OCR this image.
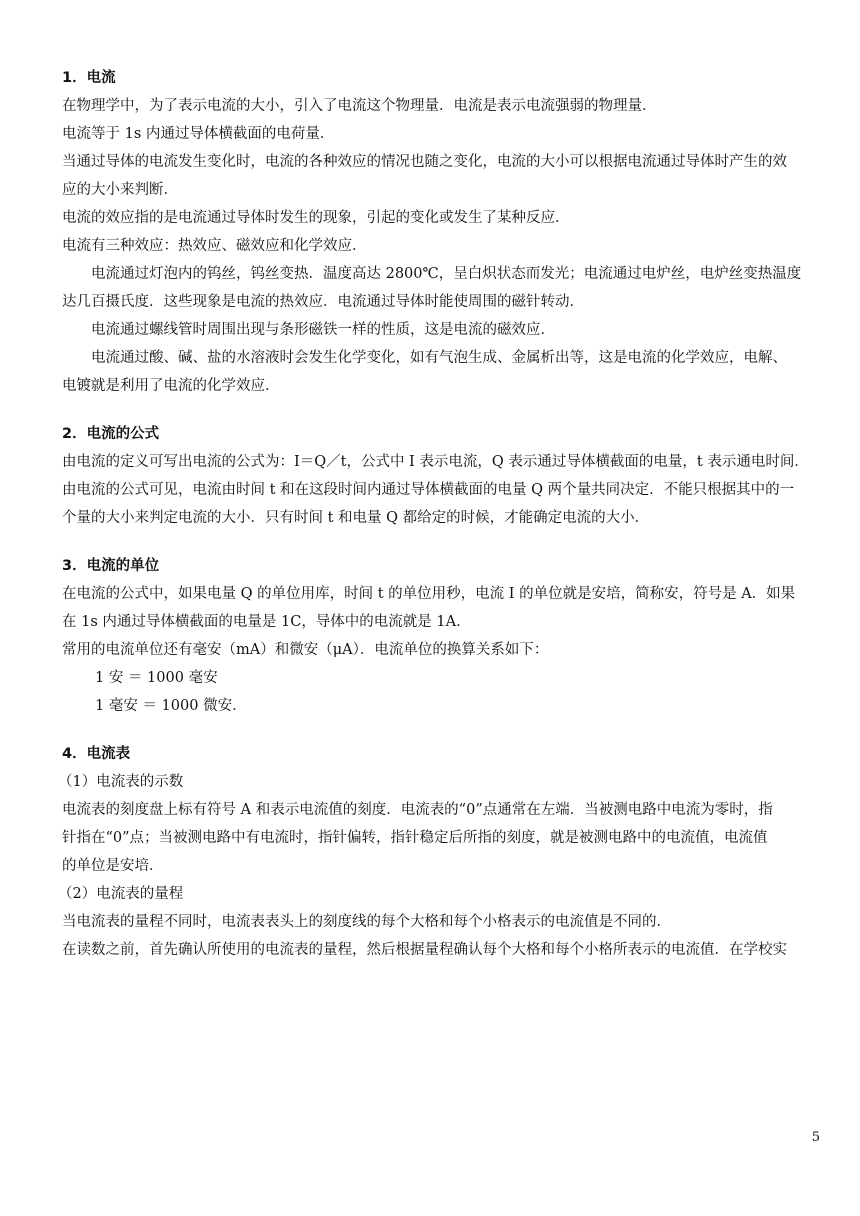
1．电流
在物理学中，为了表示电流的大小，引入了电流这个物理量．电流是表示电流强弱的物理量．
电流等于 1s 内通过导体横截面的电荷量．
当通过导体的电流发生变化时，电流的各种效应的情况也随之变化，电流的大小可以根据电流通过导体时产生的效
应的大小来判断．
电流的效应指的是电流通过导体时发生的现象，引起的变化或发生了某种反应．
电流有三种效应：热效应、磁效应和化学效应．
电流通过灯泡内的钨丝，钨丝变热．温度高达 2800℃，呈白炽状态而发光；电流通过电炉丝，电炉丝变热温度
达几百摄氏度．这些现象是电流的热效应．电流通过导体时能使周围的磁针转动．
电流通过螺线管时周围出现与条形磁铁一样的性质，这是电流的磁效应．
电流通过酸、碱、盐的水溶液时会发生化学变化，如有气泡生成、金属析出等，这是电流的化学效应，电解、
电镀就是利用了电流的化学效应．
2．电流的公式
由电流的定义可写出电流的公式为：I＝Q／t，公式中 I 表示电流，Q 表示通过导体横截面的电量，t 表示通电时间．
由电流的公式可见，电流由时间 t 和在这段时间内通过导体横截面的电量 Q 两个量共同决定．不能只根据其中的一
个量的大小来判定电流的大小．只有时间 t 和电量 Q 都给定的时候，才能确定电流的大小．
3．电流的单位
在电流的公式中，如果电量 Q 的单位用库，时间 t 的单位用秒，电流 I 的单位就是安培，简称安，符号是 A．如果
在 1s 内通过导体横截面的电量是 1C，导体中的电流就是 1A．
常用的电流单位还有毫安（mA）和微安（μA）．电流单位的换算关系如下：
1 安 ＝ 1000 毫安
1 毫安 ＝ 1000 微安．
4．电流表
（1）电流表的示数
电流表的刻度盘上标有符号 A 和表示电流值的刻度．电流表的“0”点通常在左端．当被测电路中电流为零时，指
针指在“0”点；当被测电路中有电流时，指针偏转，指针稳定后所指的刻度，就是被测电路中的电流值，电流值
的单位是安培．
（2）电流表的量程
当电流表的量程不同时，电流表表头上的刻度线的每个大格和每个小格表示的电流值是不同的．
在读数之前，首先确认所使用的电流表的量程，然后根据量程确认每个大格和每个小格所表示的电流值．在学校实
5
